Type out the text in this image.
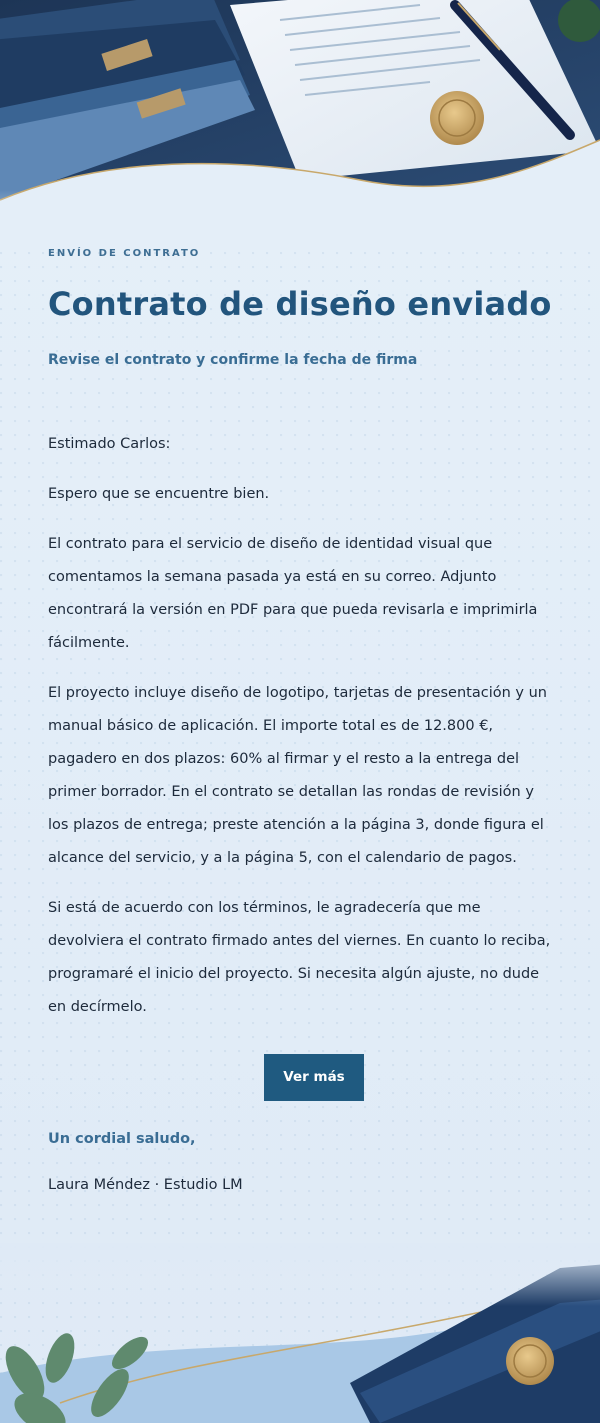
ENVÍO DE CONTRATO
Contrato de diseño enviado
Revise el contrato y confirme la fecha de firma

Estimado Carlos:

Espero que se encuentre bien.

El contrato para el servicio de diseño de identidad visual que comentamos la semana pasada ya está en su correo. Adjunto encontrará la versión en PDF para que pueda revisarla e imprimirla fácilmente.

El proyecto incluye diseño de logotipo, tarjetas de presentación y un manual básico de aplicación. El importe total es de 12.800 €, pagadero en dos plazos: 60% al firmar y el resto a la entrega del primer borrador. En el contrato se detallan las rondas de revisión y los plazos de entrega; preste atención a la página 3, donde figura el alcance del servicio, y a la página 5, con el calendario de pagos.

Si está de acuerdo con los términos, le agradecería que me devolviera el contrato firmado antes del viernes. En cuanto lo reciba, programaré el inicio del proyecto. Si necesita algún ajuste, no dude en decírmelo.

Ver más
Un cordial saludo,
Laura Méndez · Estudio LM
